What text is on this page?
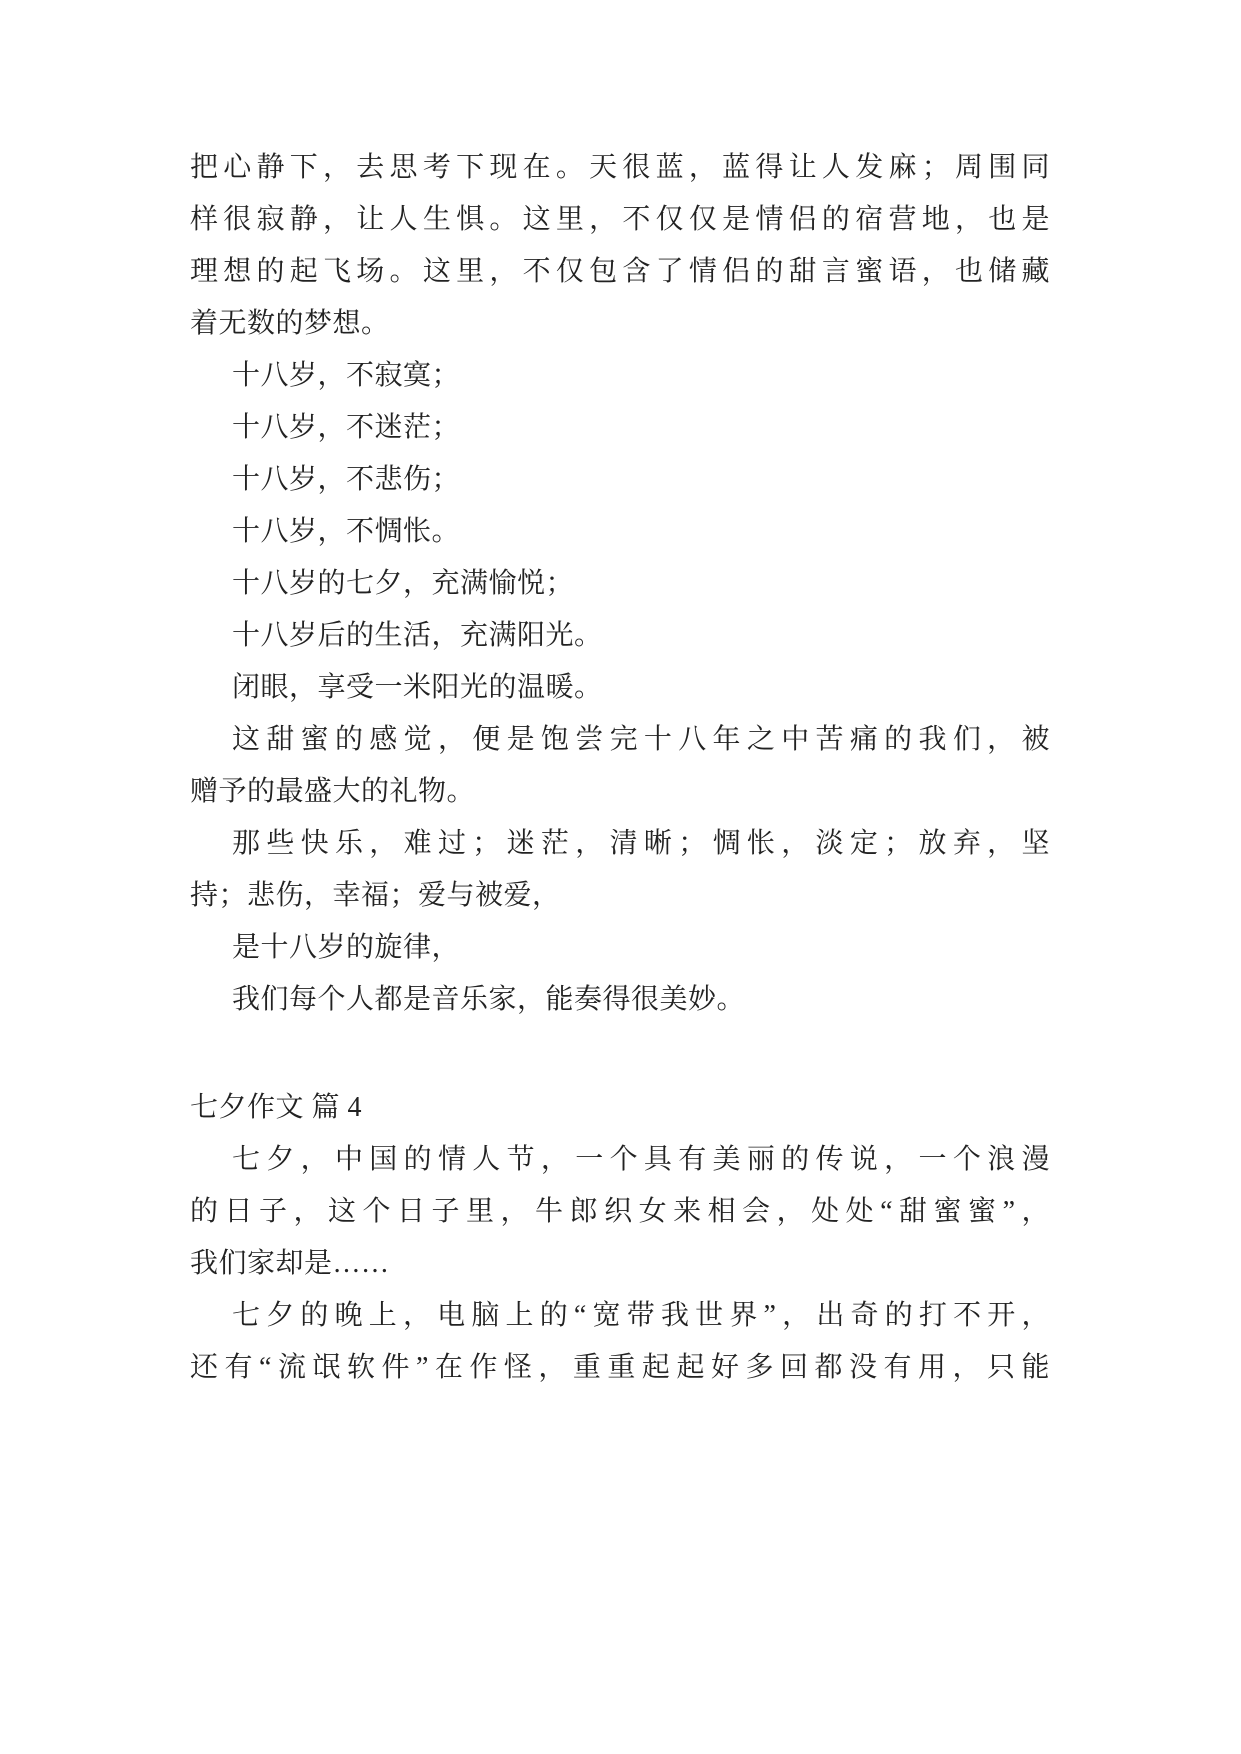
把心静下，去思考下现在。天很蓝，蓝得让人发麻；周围同
样很寂静，让人生惧。这里，不仅仅是情侣的宿营地，也是
理想的起飞场。这里，不仅包含了情侣的甜言蜜语，也储藏
着无数的梦想。
十八岁，不寂寞；
十八岁，不迷茫；
十八岁，不悲伤；
十八岁，不惆怅。
十八岁的七夕，充满愉悦；
十八岁后的生活，充满阳光。
闭眼，享受一米阳光的温暖。
这甜蜜的感觉，便是饱尝完十八年之中苦痛的我们，被
赠予的最盛大的礼物。
那些快乐，难过；迷茫，清晰；惆怅，淡定；放弃，坚
持；悲伤，幸福；爱与被爱，
是十八岁的旋律，
我们每个人都是音乐家，能奏得很美妙。
七夕作文 篇 4
七夕，中国的情人节，一个具有美丽的传说，一个浪漫
的日子，这个日子里，牛郎织女来相会，处处“甜蜜蜜”，
我们家却是……
七夕的晚上，电脑上的“宽带我世界”，出奇的打不开，
还有“流氓软件”在作怪，重重起起好多回都没有用，只能
